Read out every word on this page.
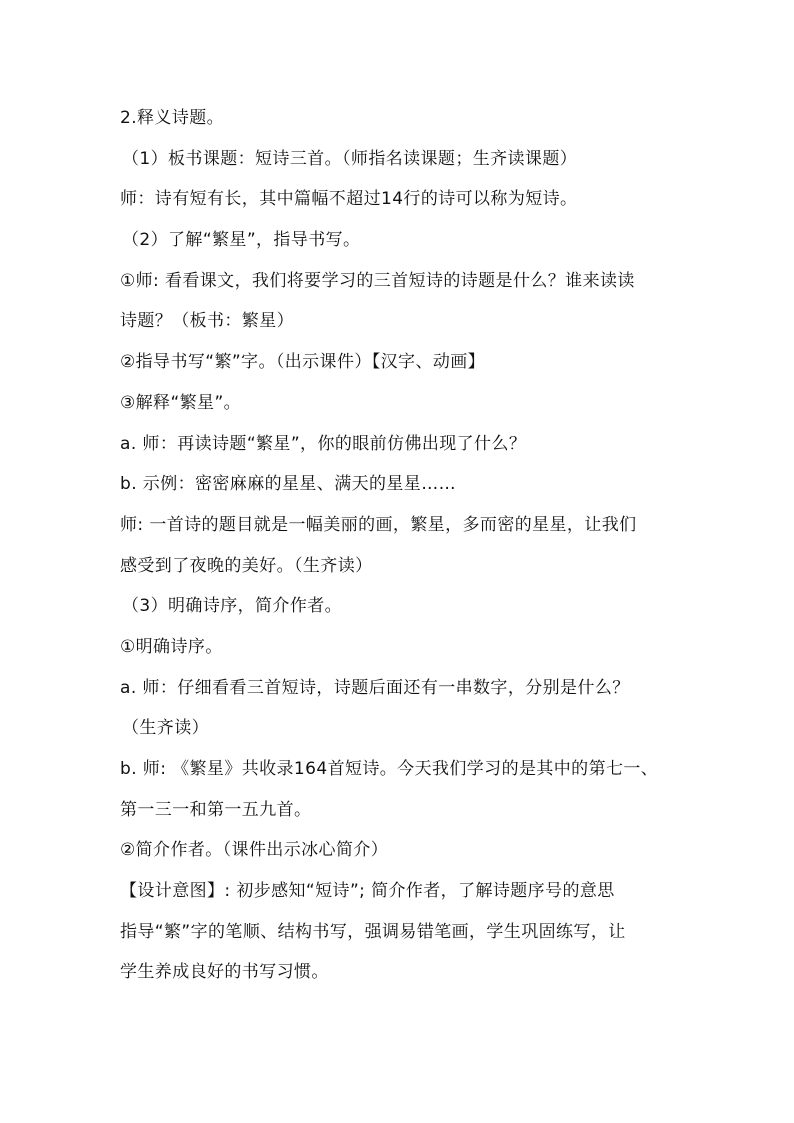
2.释义诗题。
（1）板书课题：短诗三首。（师指名读课题；生齐读课题）
师：诗有短有长，其中篇幅不超过14行的诗可以称为短诗。
（2）了解“繁星”，指导书写。
①师: 看看课文，我们将要学习的三首短诗的诗题是什么？谁来读读
诗题？（板书：繁星）
②指导书写“繁”字。（出示课件）【汉字、动画】
③解释“繁星”。
a. 师：再读诗题“繁星”，你的眼前仿佛出现了什么？
b. 示例：密密麻麻的星星、满天的星星……
师: 一首诗的题目就是一幅美丽的画，繁星，多而密的星星，让我们
感受到了夜晚的美好。（生齐读）
（3）明确诗序，简介作者。
①明确诗序。
a. 师：仔细看看三首短诗，诗题后面还有一串数字，分别是什么？
（生齐读）
b. 师: 《繁星》共收录164首短诗。今天我们学习的是其中的第七一、
第一三一和第一五九首。
②简介作者。（课件出示冰心简介）
【设计意图】: 初步感知“短诗”; 简介作者，了解诗题序号的意思
指导“繁”字的笔顺、结构书写，强调易错笔画，学生巩固练写，让
学生养成良好的书写习惯。
